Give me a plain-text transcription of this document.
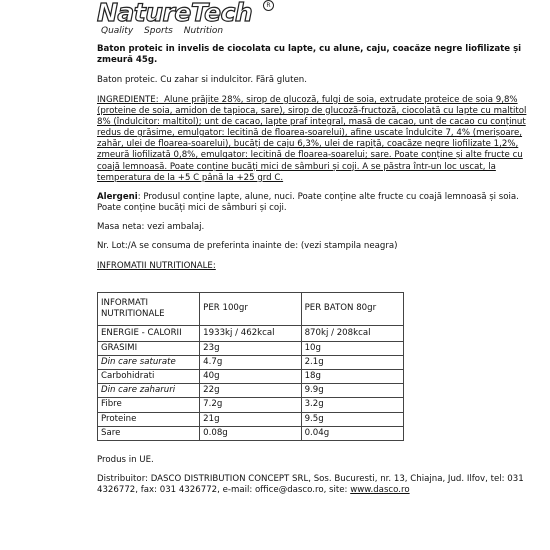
NatureTech	R
Quality Sports Nutrition

Baton proteic in invelis de ciocolata cu lapte, cu alune, caju, coacăze negre liofilizate și zmeură 45g.

Baton proteic. Cu zahar si indulcitor. Fără gluten.

INGREDIENTE: Alune prăjite 28%, sirop de glucoză, fulgi de soia, extrudate proteice de soia 9,8% (proteine de soia, amidon de tapioca, sare), sirop de glucoză-fructoză, ciocolată cu lapte cu maltitol 8% (îndulcitor: maltitol); unt de cacao, lapte praf integral, masă de cacao, unt de cacao cu conținut redus de grăsime, emulgator: lecitină de floarea-soarelui), afine uscate îndulcite 7, 4% (merișoare, zahăr, ulei de floarea-soarelui), bucăți de caju 6,3%, ulei de rapiță, coacăze negre liofilizate 1,2%, zmeură liofilizată 0,8%, emulgator: lecitină de floarea-soarelui; sare. Poate conține și alte fructe cu coajă lemnoasă. Poate conține bucăți mici de sâmburi și coji. A se păstra într-un loc uscat, la temperatura de la +5 C până la +25 grd C.

Alergeni: Produsul conține lapte, alune, nuci. Poate conține alte fructe cu coajă lemnoasă și soia. Poate conține bucăți mici de sâmburi și coji.

Masa neta: vezi ambalaj.

Nr. Lot:/A se consuma de preferinta inainte de: (vezi stampila neagra)

INFROMATII NUTRITIONALE:
INFORMATI NUTRITIONALE	PER 100gr	PER BATON 80gr
ENERGIE - CALORII	1933kj / 462kcal	870kj / 208kcal
GRASIMI	23g	10g
Din care saturate	4.7g	2.1g
Carbohidrati	40g	18g
Din care zaharuri	22g	9.9g
Fibre	7.2g	3.2g
Proteine	21g	9.5g
Sare	0.08g	0.04g

Produs in UE.

Distribuitor: DASCO DISTRIBUTION CONCEPT SRL, Sos. Bucuresti, nr. 13, Chiajna, Jud. Ilfov, tel: 031 4326772, fax: 031 4326772, e-mail: office@dasco.ro, site: www.dasco.ro
